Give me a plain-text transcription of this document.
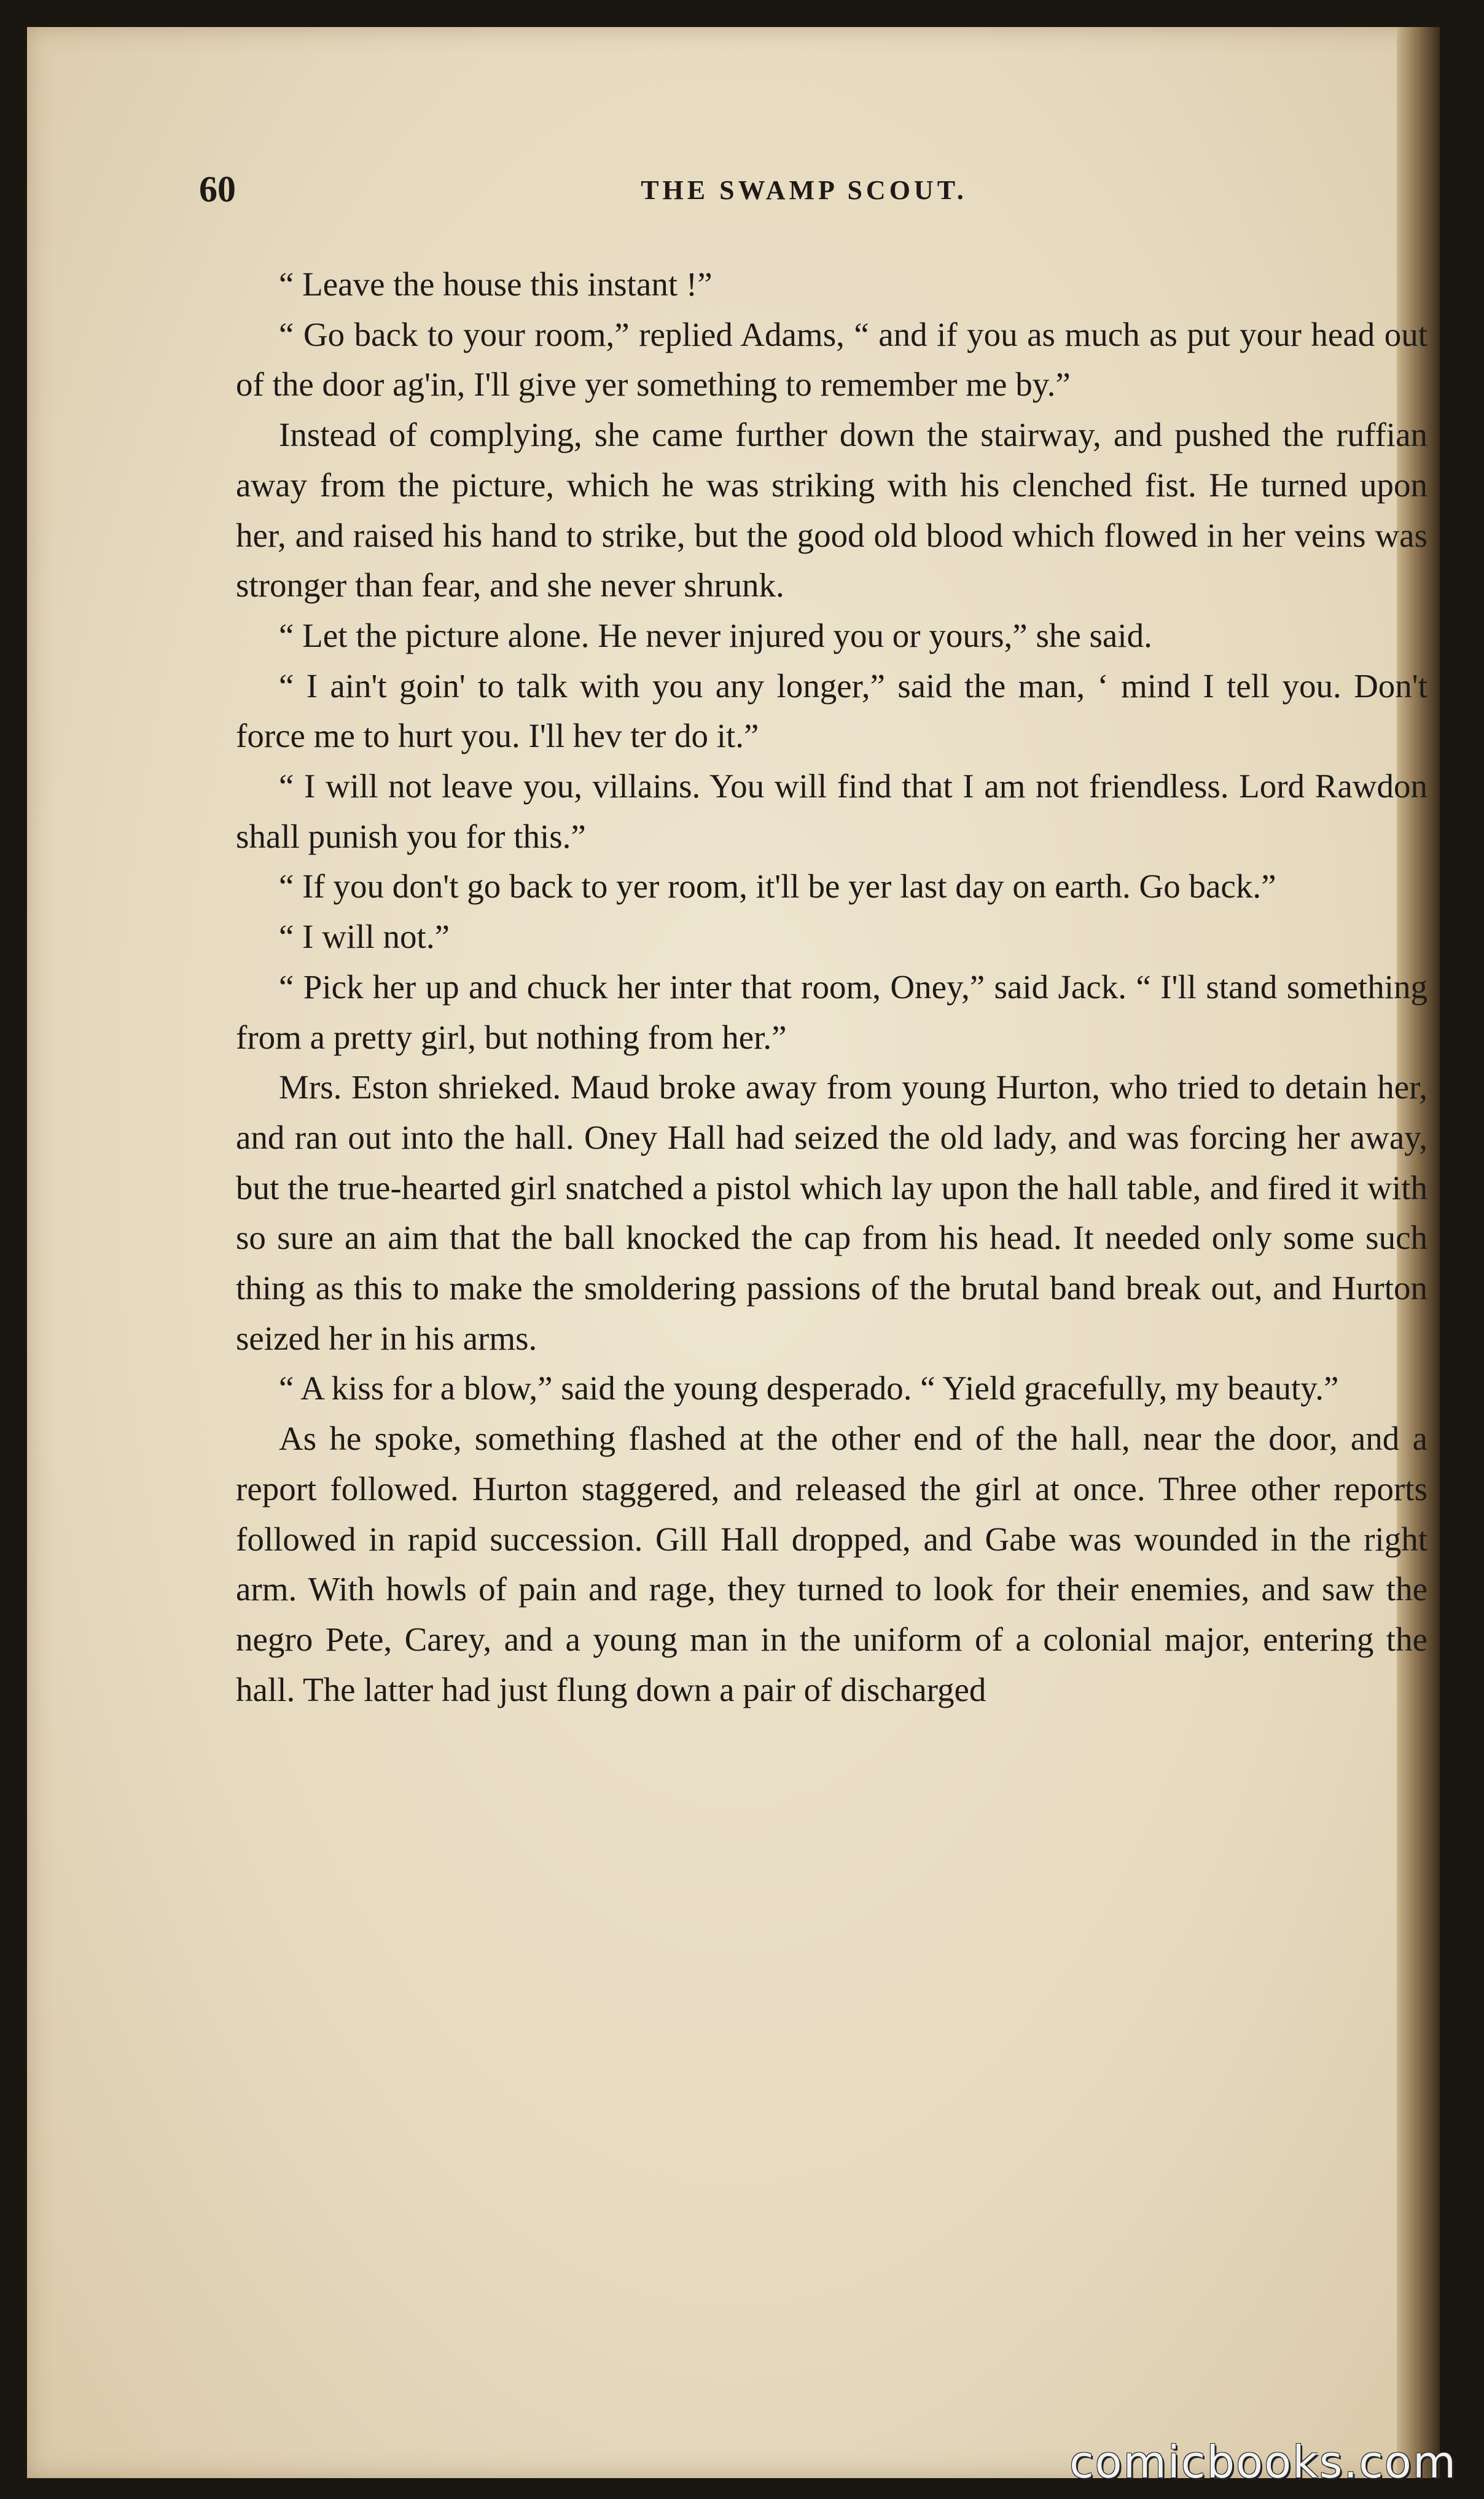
60	THE SWAMP SCOUT.

“ Leave the house this instant !”

“ Go back to your room,” replied Adams, “ and if you as much as put your head out of the door ag'in, I'll give yer something to remember me by.”

Instead of complying, she came further down the stairway, and pushed the ruffian away from the picture, which he was striking with his clenched fist. He turned upon her, and raised his hand to strike, but the good old blood which flowed in her veins was stronger than fear, and she never shrunk.

“ Let the picture alone. He never injured you or yours,” she said.

“ I ain't goin' to talk with you any longer,” said the man, ‘ mind I tell you. Don't force me to hurt you. I'll hev ter do it.”

“ I will not leave you, villains. You will find that I am not friendless. Lord Rawdon shall punish you for this.”

“ If you don't go back to yer room, it'll be yer last day on earth. Go back.”

“ I will not.”

“ Pick her up and chuck her inter that room, Oney,” said Jack. “ I'll stand something from a pretty girl, but nothing from her.”

Mrs. Eston shrieked. Maud broke away from young Hurton, who tried to detain her, and ran out into the hall. Oney Hall had seized the old lady, and was forcing her away, but the true-hearted girl snatched a pistol which lay upon the hall table, and fired it with so sure an aim that the ball knocked the cap from his head. It needed only some such thing as this to make the smoldering passions of the brutal band break out, and Hurton seized her in his arms.

“ A kiss for a blow,” said the young desperado. “ Yield gracefully, my beauty.”

As he spoke, something flashed at the other end of the hall, near the door, and a report followed. Hurton staggered, and released the girl at once. Three other reports followed in rapid succession. Gill Hall dropped, and Gabe was wounded in the right arm. With howls of pain and rage, they turned to look for their enemies, and saw the negro Pete, Carey, and a young man in the uniform of a colonial major, entering the hall. The latter had just flung down a pair of discharged

comicbooks.com
